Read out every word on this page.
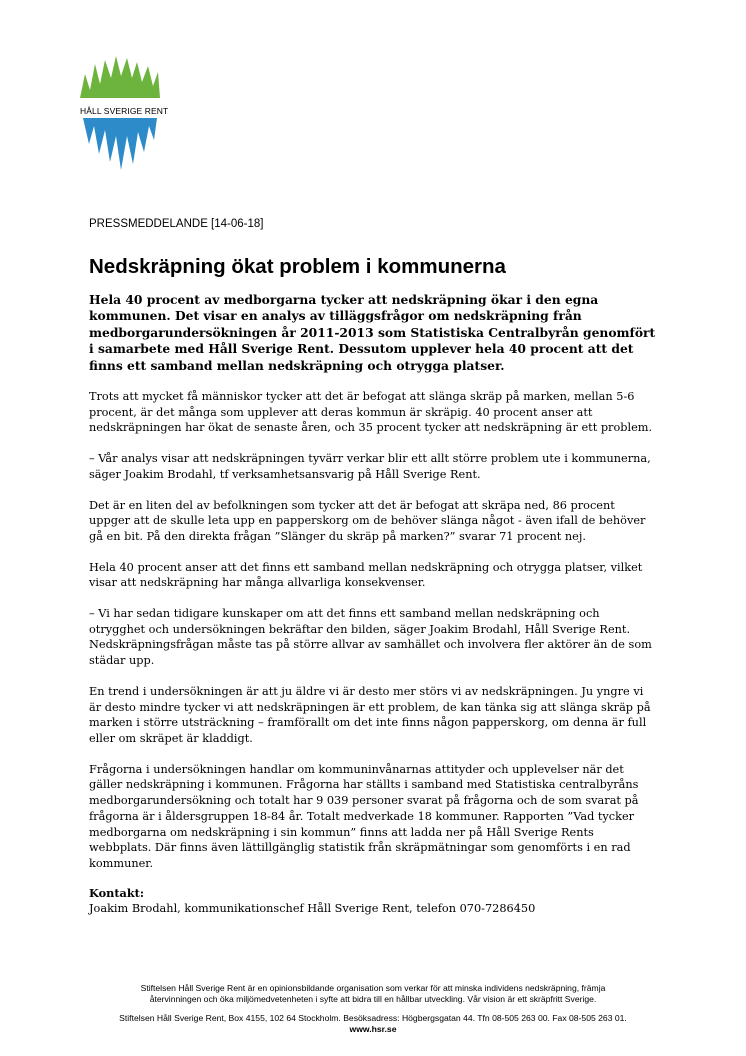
HÅLL SVERIGE RENT

PRESSMEDDELANDE [14-06-18]

Nedskräpning ökat problem i kommunerna

Hela 40 procent av medborgarna tycker att nedskräpning ökar i den egna kommunen. Det visar en analys av tilläggsfrågor om nedskräpning från medborgarundersökningen år 2011-2013 som Statistiska Centralbyrån genomfört i samarbete med Håll Sverige Rent. Dessutom upplever hela 40 procent att det finns ett samband mellan nedskräpning och otrygga platser.

Trots att mycket få människor tycker att det är befogat att slänga skräp på marken, mellan 5-6 procent, är det många som upplever att deras kommun är skräpig. 40 procent anser att nedskräpningen har ökat de senaste åren, och 35 procent tycker att nedskräpning är ett problem.

– Vår analys visar att nedskräpningen tyvärr verkar blir ett allt större problem ute i kommunerna, säger Joakim Brodahl, tf verksamhetsansvarig på Håll Sverige Rent.

Det är en liten del av befolkningen som tycker att det är befogat att skräpa ned, 86 procent uppger att de skulle leta upp en papperskorg om de behöver slänga något - även ifall de behöver gå en bit. På den direkta frågan ”Slänger du skräp på marken?” svarar 71 procent nej.

Hela 40 procent anser att det finns ett samband mellan nedskräpning och otrygga platser, vilket visar att nedskräpning har många allvarliga konsekvenser.

– Vi har sedan tidigare kunskaper om att det finns ett samband mellan nedskräpning och otrygghet och undersökningen bekräftar den bilden, säger Joakim Brodahl, Håll Sverige Rent. Nedskräpningsfrågan måste tas på större allvar av samhället och involvera fler aktörer än de som städar upp.

En trend i undersökningen är att ju äldre vi är desto mer störs vi av nedskräpningen. Ju yngre vi är desto mindre tycker vi att nedskräpningen är ett problem, de kan tänka sig att slänga skräp på marken i större utsträckning – framförallt om det inte finns någon papperskorg, om denna är full eller om skräpet är kladdigt.

Frågorna i undersökningen handlar om kommuninvånarnas attityder och upplevelser när det gäller nedskräpning i kommunen. Frågorna har ställts i samband med Statistiska centralbyråns medborgarundersökning och totalt har 9 039 personer svarat på frågorna och de som svarat på frågorna är i åldersgruppen 18-84 år. Totalt medverkade 18 kommuner. Rapporten ”Vad tycker medborgarna om nedskräpning i sin kommun” finns att ladda ner på Håll Sverige Rents webbplats. Där finns även lättillgänglig statistik från skräpmätningar som genomförts i en rad kommuner.

Kontakt:
Joakim Brodahl, kommunikationschef Håll Sverige Rent, telefon 070-7286450

Stiftelsen Håll Sverige Rent är en opinionsbildande organisation som verkar för att minska individens nedskräpning, främja

återvinningen och öka miljömedvetenheten i syfte att bidra till en hållbar utveckling. Vår vision är ett skräpfritt Sverige.

Stiftelsen Håll Sverige Rent, Box 4155, 102 64 Stockholm. Besöksadress: Högbergsgatan 44. Tfn 08-505 263 00. Fax 08-505 263 01.

www.hsr.se
